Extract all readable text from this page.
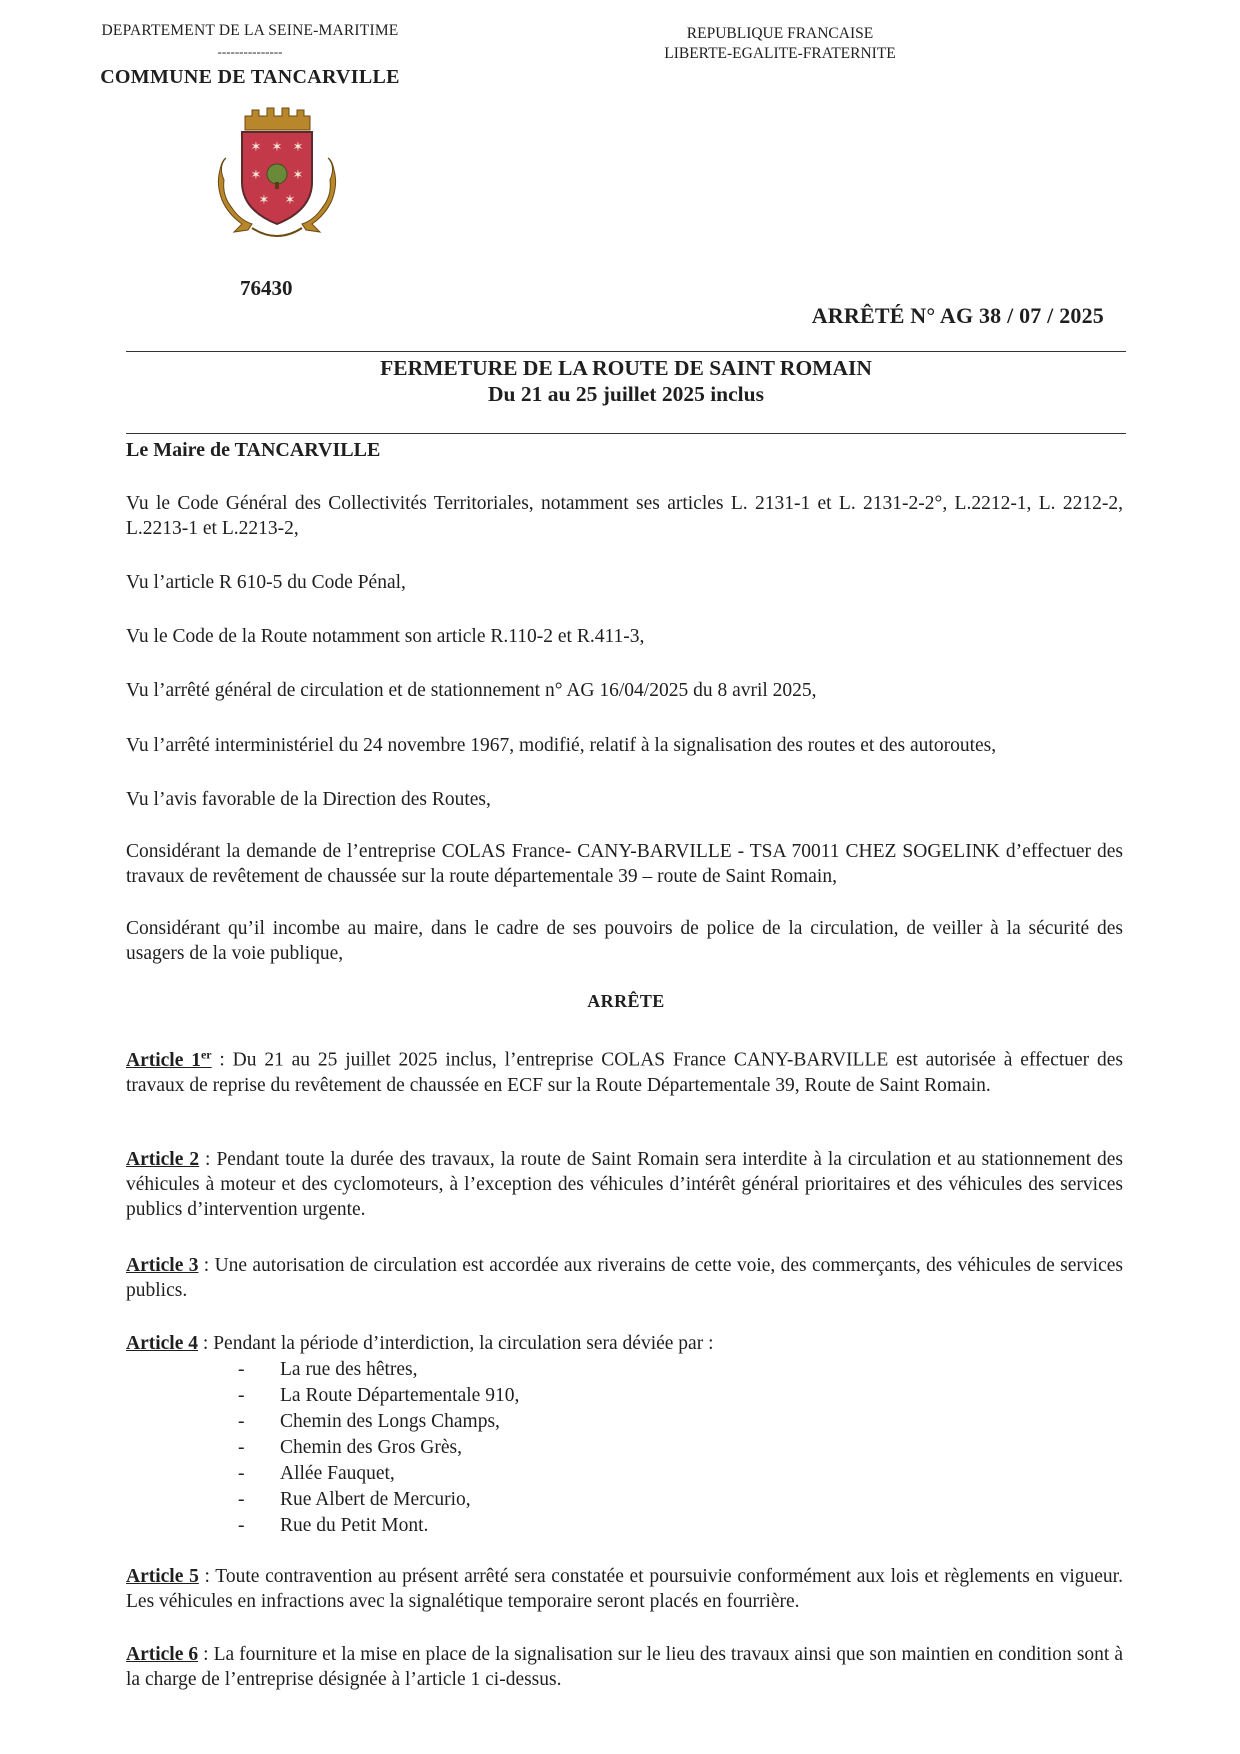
DEPARTEMENT DE LA SEINE-MARITIME
---------------
COMMUNE DE TANCARVILLE
REPUBLIQUE FRANCAISE
LIBERTE-EGALITE-FRATERNITE
✶ ✶ ✶
✶ ✶
✶ ✶
76430
ARRÊTÉ N° AG 38 / 07 / 2025
FERMETURE DE LA ROUTE DE SAINT ROMAIN
Du 21 au 25 juillet 2025 inclus
Le Maire de TANCARVILLE
Vu le Code Général des Collectivités Territoriales, notamment ses articles L. 2131-1 et L. 2131-2-2°, L.2212-1, L. 2212-2, L.2213-1 et L.2213-2,
Vu l’article R 610-5 du Code Pénal,
Vu le Code de la Route notamment son article R.110-2 et R.411-3,
Vu l’arrêté général de circulation et de stationnement n° AG 16/04/2025 du 8 avril 2025,
Vu l’arrêté interministériel du 24 novembre 1967, modifié, relatif à la signalisation des routes et des autoroutes,
Vu l’avis favorable de la Direction des Routes,
Considérant la demande de l’entreprise COLAS France- CANY-BARVILLE - TSA 70011 CHEZ SOGELINK d’effectuer des travaux de revêtement de chaussée sur la route départementale 39 – route de Saint Romain,
Considérant qu’il incombe au maire, dans le cadre de ses pouvoirs de police de la circulation, de veiller à la sécurité des usagers de la voie publique,
ARRÊTE
Article 1er : Du 21 au 25 juillet 2025 inclus, l’entreprise COLAS France CANY-BARVILLE est autorisée à effectuer des travaux de reprise du revêtement de chaussée en ECF sur la Route Départementale 39, Route de Saint Romain.
Article 2 : Pendant toute la durée des travaux, la route de Saint Romain sera interdite à la circulation et au stationnement des véhicules à moteur et des cyclomoteurs, à l’exception des véhicules d’intérêt général prioritaires et des véhicules des services publics d’intervention urgente.
Article 3 : Une autorisation de circulation est accordée aux riverains de cette voie, des commerçants, des véhicules de services publics.
Article 4 : Pendant la période d’interdiction, la circulation sera déviée par :
- La rue des hêtres,
- La Route Départementale 910,
- Chemin des Longs Champs,
- Chemin des Gros Grès,
- Allée Fauquet,
- Rue Albert de Mercurio,
- Rue du Petit Mont.
Article 5 : Toute contravention au présent arrêté sera constatée et poursuivie conformément aux lois et règlements en vigueur. Les véhicules en infractions avec la signalétique temporaire seront placés en fourrière.
Article 6 : La fourniture et la mise en place de la signalisation sur le lieu des travaux ainsi que son maintien en condition sont à la charge de l’entreprise désignée à l’article 1 ci-dessus.
